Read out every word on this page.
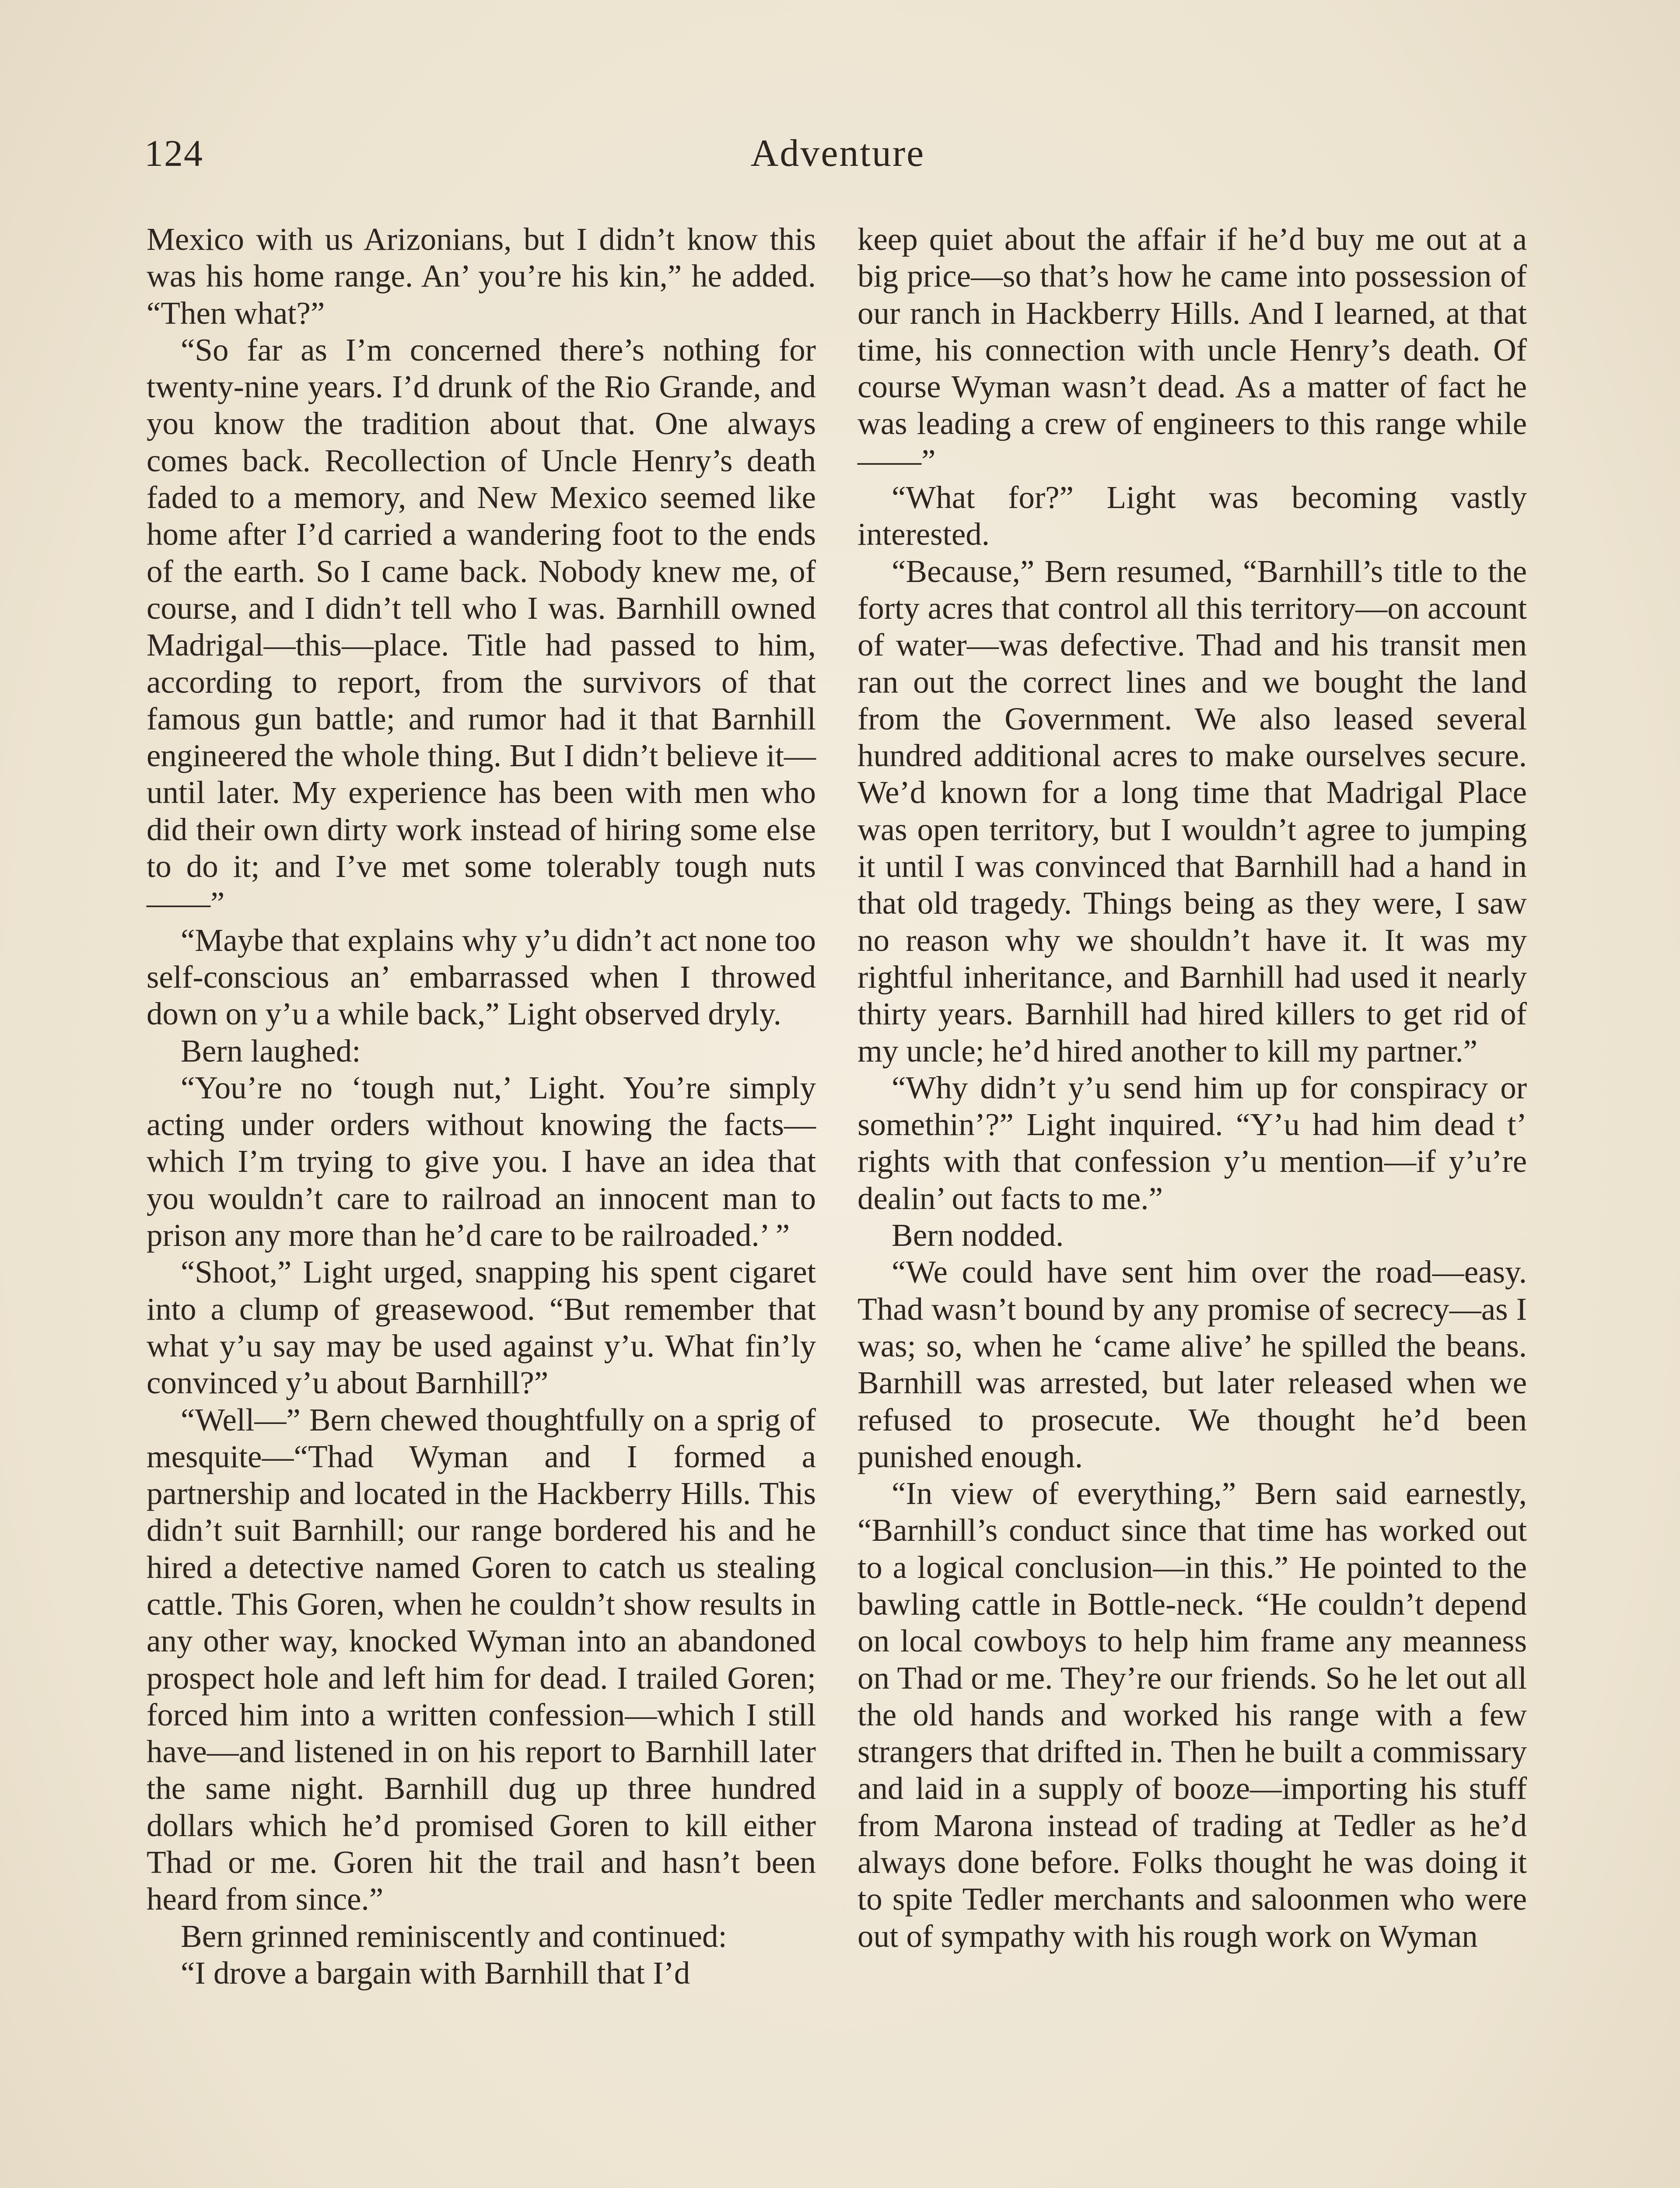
124	Adventure

Mexico with us Arizonians, but I didn’t know this was his home range. An’ you’re his kin,” he added. “Then what?”

“So far as I’m concerned there’s nothing for twenty-nine years. I’d drunk of the Rio Grande, and you know the tradition about that. One always comes back. Recollection of Uncle Henry’s death faded to a memory, and New Mexico seemed like home after I’d carried a wandering foot to the ends of the earth. So I came back. Nobody knew me, of course, and I didn’t tell who I was. Barnhill owned Madrigal—this—place. Title had passed to him, according to report, from the survivors of that famous gun battle; and rumor had it that Barnhill engineered the whole thing. But I didn’t believe it—until later. My experience has been with men who did their own dirty work instead of hiring some else to do it; and I’ve met some tolerably tough nuts——”

“Maybe that explains why y’u didn’t act none too self-conscious an’ embarrassed when I throwed down on y’u a while back,” Light observed dryly.

Bern laughed:

“You’re no ‘tough nut,’ Light. You’re simply acting under orders without knowing the facts—which I’m trying to give you. I have an idea that you wouldn’t care to railroad an innocent man to prison any more than he’d care to be railroaded.’ ”

“Shoot,” Light urged, snapping his spent cigaret into a clump of greasewood. “But remember that what y’u say may be used against y’u. What fin’ly convinced y’u about Barnhill?”

“Well—” Bern chewed thoughtfully on a sprig of mesquite—“Thad Wyman and I formed a partnership and located in the Hackberry Hills. This didn’t suit Barnhill; our range bordered his and he hired a detective named Goren to catch us stealing cattle. This Goren, when he couldn’t show results in any other way, knocked Wyman into an abandoned prospect hole and left him for dead. I trailed Goren; forced him into a written confession—which I still have—and listened in on his report to Barnhill later the same night. Barnhill dug up three hundred dollars which he’d promised Goren to kill either Thad or me. Goren hit the trail and hasn’t been heard from since.”

Bern grinned reminiscently and continued:

“I drove a bargain with Barnhill that I’d

keep quiet about the affair if he’d buy me out at a big price—so that’s how he came into possession of our ranch in Hackberry Hills. And I learned, at that time, his connection with uncle Henry’s death. Of course Wyman wasn’t dead. As a matter of fact he was leading a crew of engineers to this range while——”

“What for?” Light was becoming vastly interested.

“Because,” Bern resumed, “Barnhill’s title to the forty acres that control all this territory—on account of water—was defective. Thad and his transit men ran out the correct lines and we bought the land from the Government. We also leased several hundred additional acres to make ourselves secure. We’d known for a long time that Madrigal Place was open territory, but I wouldn’t agree to jumping it until I was convinced that Barnhill had a hand in that old tragedy. Things being as they were, I saw no reason why we shouldn’t have it. It was my rightful inheritance, and Barnhill had used it nearly thirty years. Barnhill had hired killers to get rid of my uncle; he’d hired another to kill my partner.”

“Why didn’t y’u send him up for conspiracy or somethin’?” Light inquired. “Y’u had him dead t’ rights with that confession y’u mention—if y’u’re dealin’ out facts to me.”

Bern nodded.

“We could have sent him over the road—easy. Thad wasn’t bound by any promise of secrecy—as I was; so, when he ‘came alive’ he spilled the beans. Barnhill was arrested, but later released when we refused to prosecute. We thought he’d been punished enough.

“In view of everything,” Bern said earnestly, “Barnhill’s conduct since that time has worked out to a logical conclusion—in this.” He pointed to the bawling cattle in Bottle-neck. “He couldn’t depend on local cowboys to help him frame any meanness on Thad or me. They’re our friends. So he let out all the old hands and worked his range with a few strangers that drifted in. Then he built a commissary and laid in a supply of booze—importing his stuff from Marona instead of trading at Tedler as he’d always done before. Folks thought he was doing it to spite Tedler merchants and saloonmen who were out of sympathy with his rough work on Wyman
